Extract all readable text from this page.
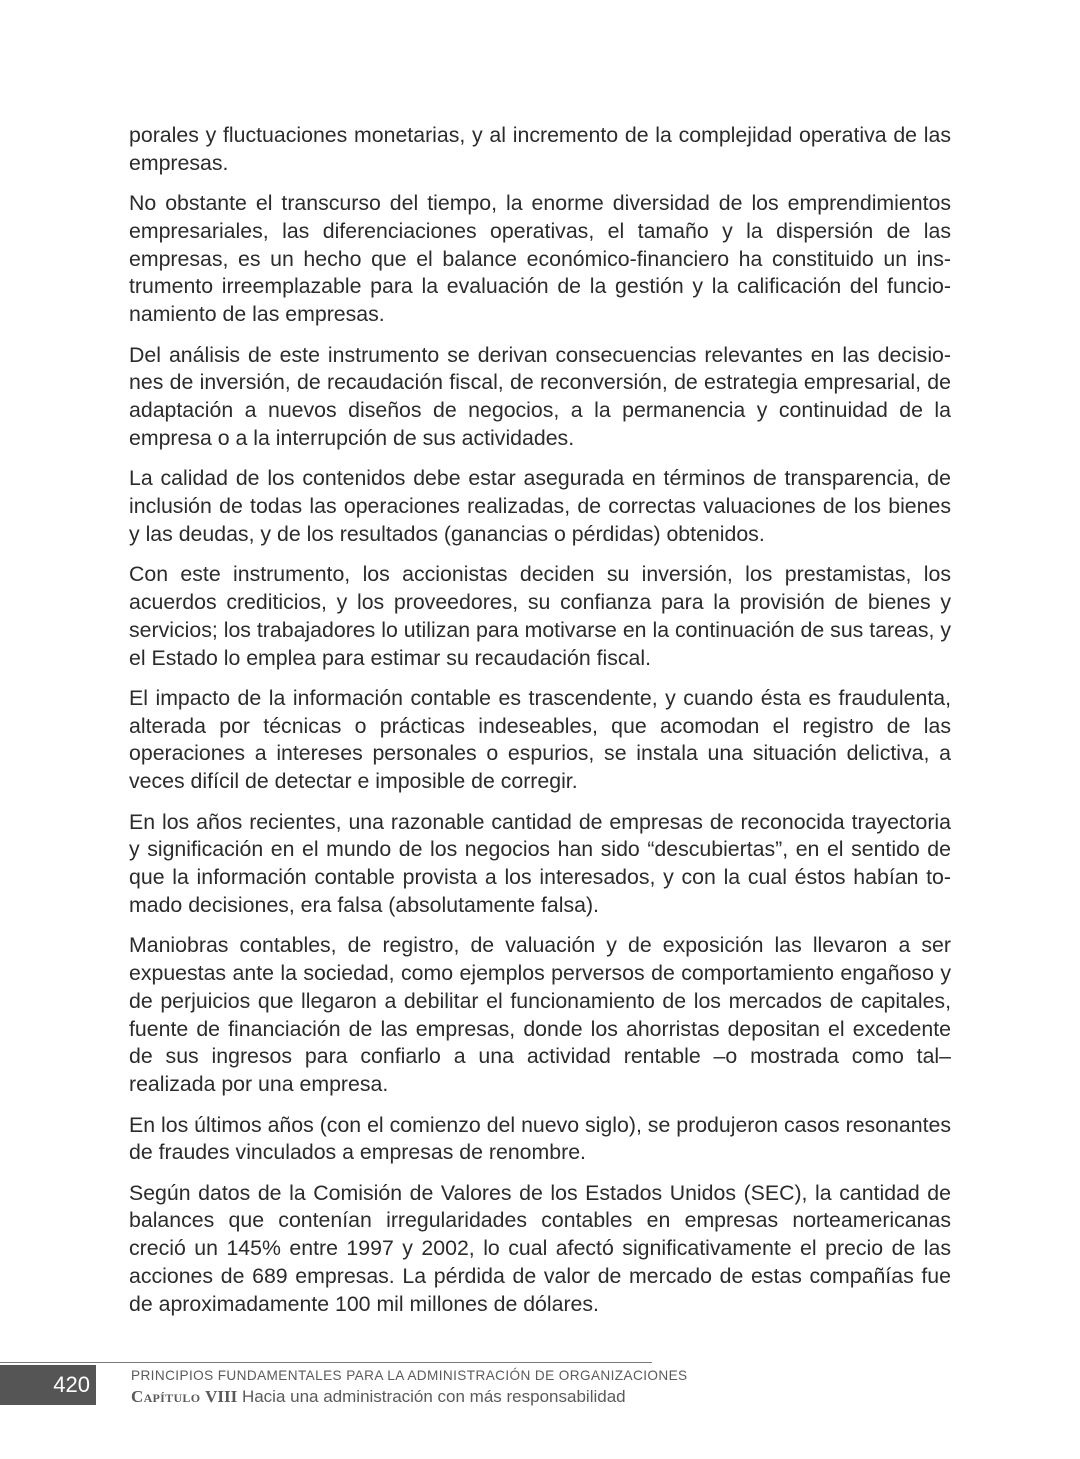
porales y fluctuaciones monetarias, y al incremento de la complejidad operativa de las empresas.

No obstante el transcurso del tiempo, la enorme diversidad de los emprendimientos empresariales, las diferenciaciones operativas, el tamaño y la dispersión de las empresas, es un hecho que el balance económico-financiero ha constituido un instrumento irreemplazable para la evaluación de la gestión y la calificación del funcionamiento de las empresas.

Del análisis de este instrumento se derivan consecuencias relevantes en las decisiones de inversión, de recaudación fiscal, de reconversión, de estrategia empresarial, de adaptación a nuevos diseños de negocios, a la permanencia y continuidad de la empresa o a la interrupción de sus actividades.

La calidad de los contenidos debe estar asegurada en términos de transparencia, de inclusión de todas las operaciones realizadas, de correctas valuaciones de los bienes y las deudas, y de los resultados (ganancias o pérdidas) obtenidos.

Con este instrumento, los accionistas deciden su inversión, los prestamistas, los acuerdos crediticios, y los proveedores, su confianza para la provisión de bienes y servicios; los trabajadores lo utilizan para motivarse en la continuación de sus tareas, y el Estado lo emplea para estimar su recaudación fiscal.

El impacto de la información contable es trascendente, y cuando ésta es fraudulenta, alterada por técnicas o prácticas indeseables, que acomodan el registro de las operaciones a intereses personales o espurios, se instala una situación delictiva, a veces difícil de detectar e imposible de corregir.

En los años recientes, una razonable cantidad de empresas de reconocida trayectoria y significación en el mundo de los negocios han sido “descubiertas”, en el sentido de que la información contable provista a los interesados, y con la cual éstos habían tomado decisiones, era falsa (absolutamente falsa).

Maniobras contables, de registro, de valuación y de exposición las llevaron a ser expuestas ante la sociedad, como ejemplos perversos de comportamiento engañoso y de perjuicios que llegaron a debilitar el funcionamiento de los mercados de capitales, fuente de financiación de las empresas, donde los ahorristas depositan el excedente de sus ingresos para confiarlo a una actividad rentable –o mostrada como tal– realizada por una empresa.

En los últimos años (con el comienzo del nuevo siglo), se produjeron casos resonantes de fraudes vinculados a empresas de renombre.

Según datos de la Comisión de Valores de los Estados Unidos (SEC), la cantidad de balances que contenían irregularidades contables en empresas norteamericanas creció un 145% entre 1997 y 2002, lo cual afectó significativamente el precio de las acciones de 689 empresas. La pérdida de valor de mercado de estas compañías fue de aproximadamente 100 mil millones de dólares.

420	PRINCIPIOS FUNDAMENTALES PARA LA ADMINISTRACIÓN DE ORGANIZACIONES
Capítulo VIII Hacia una administración con más responsabilidad
